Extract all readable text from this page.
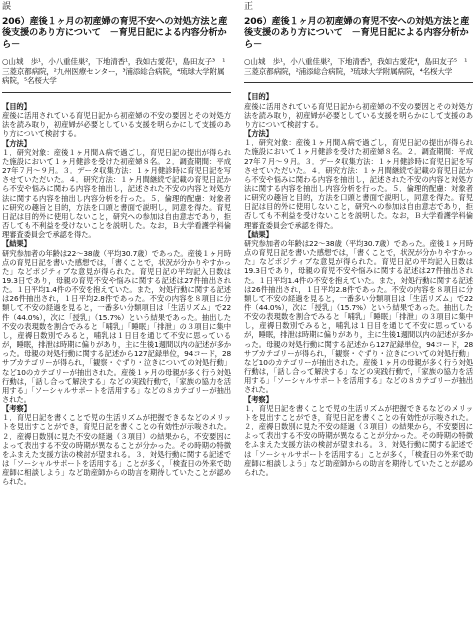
誤
206）産後１ヶ月の初産婦の育児不安への対処方法と産後支援のあり方について　－育児日記による内容分析から－
○山城　歩¹，小八重佳巣²，下地清香¹，我如古愛花¹，島田友子³　¹三菱京都病院，²九州医療センター，³浦添総合病院，⁴琉球大学附属病院，⁵名桜大学

【目的】

産後に活用されている育児日記から初産婦の不安の要因とその対処方法を読み取り，初産婦が必要としている支援を明らかにして支援のあり方について検討する。

【方法】

１．研究対象：産後１ヶ月間Ａ病で過ごし，育児日記の提出が得られた施設において１ヶ月健診を受けた初産婦８名。２．調査期間：平成27年７月～９月。３．データ収集方法：１ヶ月健診時に育児日記を写させていただいた。４．研究方法：１ヶ月間継続で記載の育児日記から不安や悩みに関わる内容を抽出し，記述された不安の内容と対処方法に関する内容を抽出し内容分析を行った。５．倫理的配慮：対象者に研究の趣旨と目的，方法を口頭と書面で説明し，同意を得た。育児日記は目的外に使用しないこと，研究への参加は自由意志であり，拒否しても不利益を受けないことを説明した。なお，Ｂ大学看護学科倫理審査委員会で承認を得た。

【結果】

研究参加者の年齢は22～38歳（平均30.7歳）であった。産後１ヶ月時点の育児日記を書いた感想では，「書くことで，状況が分かりやすかった」などポジティブな意見が得られた。育児日記の平均記入日数は19.3日であり，母親の育児不安や悩みに関する記述は27件抽出された。１日平均1.4件の不安を抱えていた。また，対処行動に関する記述は26件抽出され，１日平均2.8件であった。不安の内容を８項目に分類して不安の経過を見ると，一番多い分類項目は「生活リズム」で22件（44.0%），次に「授乳」（15.7%）という結果であった。抽出した不安の表現数を割合でみると「哺乳」「睡眠」「排泄」の３項目に集中し，産褥日数別でみると，哺乳は１日目を通じて不安に思っているが，睡眠，排泄は時期に偏りがあり，主に生後1週間以内の記述が多かった。母親の対処行動に関する記述から127記録単位，94コード，28サブカテゴリーが得られ，「観察・ぐずり・泣きについての対処行動」など10のカテゴリーが抽出された。産後１ヶ月の母親が多く行う対処行動は，「話し合って解決する」などの実践行動で，「家族の協力を活用する」「ソーシャルサポートを活用する」などの８カテゴリーが抽出された。

【考察】

１．育児日記を書くことで児の生活リズムが把握できるなどのメリットを見出すことができ，育児日記を書くことの有効性が示唆された。２．産褥日数別に見た不安の経過（３項目）の結果から，不安要因によって表出する不安の時期が異なることが分かった。その時期の特徴をふまえた支援方法の検討が望まれる。３．対処行動に関する記述では「ソーシャルサポートを活用する」ことが多く，「検査日の外来で助産師に相談しよう」など助産師からの助言を期待していたことが認められた。

正
206）産後１ヶ月の初産婦の育児不安への対処方法と産後支援のあり方について　－育児日記による内容分析から－
○山城　歩¹，小八重佳巣²，下地清香³，我如古愛花⁴，島田友子⁵　¹三菱京都病院，²浦添総合病院，³琉球大学附属病院，⁴名桜大学

【目的】

産後に活用されている育児日記から初産婦の不安の要因とその対処方法を読み取り，初産婦が必要としている支援を明らかにして支援のあり方について検討する。

【方法】

１．研究対象：産後１ヶ月間Ａ病で過ごし，育児日記の提出が得られた施設において１ヶ月健診を受けた初産婦８名。２．調査期間：平成27年７月～９月。３．データ収集方法：１ヶ月健診時に育児日記を写させていただいた。４．研究方法：１ヶ月間継続で記載の育児日記から不安や悩みに関わる内容を抽出し，記述された不安の内容と対処方法に関する内容を抽出し内容分析を行った。５．倫理的配慮：対象者に研究の趣旨と目的，方法を口頭と書面で説明し，同意を得た。育児日記は目的外に使用しないこと，研究への参加は自由意志であり，拒否しても不利益を受けないことを説明した。なお，Ｂ大学看護学科倫理審査委員会で承認を得た。

【結果】

研究参加者の年齢は22～38歳（平均30.7歳）であった。産後１ヶ月時点の育児日記を書いた感想では，「書くことで，状況が分かりやすかった」などポジティブな意見が得られた。育児日記の平均記入日数は19.3日であり，母親の育児不安や悩みに関する記述は27件抽出された。１日平均1.4件の不安を抱えていた。また，対処行動に関する記述は26件抽出され，１日平均2.8件であった。不安の内容を８項目に分類して不安の経過を見ると，一番多い分類項目は「生活リズム」で22件（44.0%），次に「授乳」（15.7%）という結果であった。抽出した不安の表現数を割合でみると「哺乳」「睡眠」「排泄」の３項目に集中し，産褥日数別でみると，哺乳は１日目を通じて不安に思っているが，睡眠，排泄は時期に偏りがあり，主に生後1週間以内の記述が多かった。母親の対処行動に関する記述から127記録単位，94コード，28サブカテゴリーが得られ，「観察・ぐずり・泣きについての対処行動」など10のカテゴリーが抽出された。産後１ヶ月の母親が多く行う対処行動は，「話し合って解決する」などの実践行動で，「家族の協力を活用する」「ソーシャルサポートを活用する」などの８カテゴリーが抽出された。

【考察】

１．育児日記を書くことで児の生活リズムが把握できるなどのメリットを見出すことができ，育児日記を書くことの有効性が示唆された。２．産褥日数別に見た不安の経過（３項目）の結果から，不安要因によって表出する不安の時期が異なることが分かった。その時期の特徴をふまえた支援方法の検討が望まれる。３．対処行動に関する記述では「ソーシャルサポートを活用する」ことが多く，「検査日の外来で助産師に相談しよう」など助産師からの助言を期待していたことが認められた。
